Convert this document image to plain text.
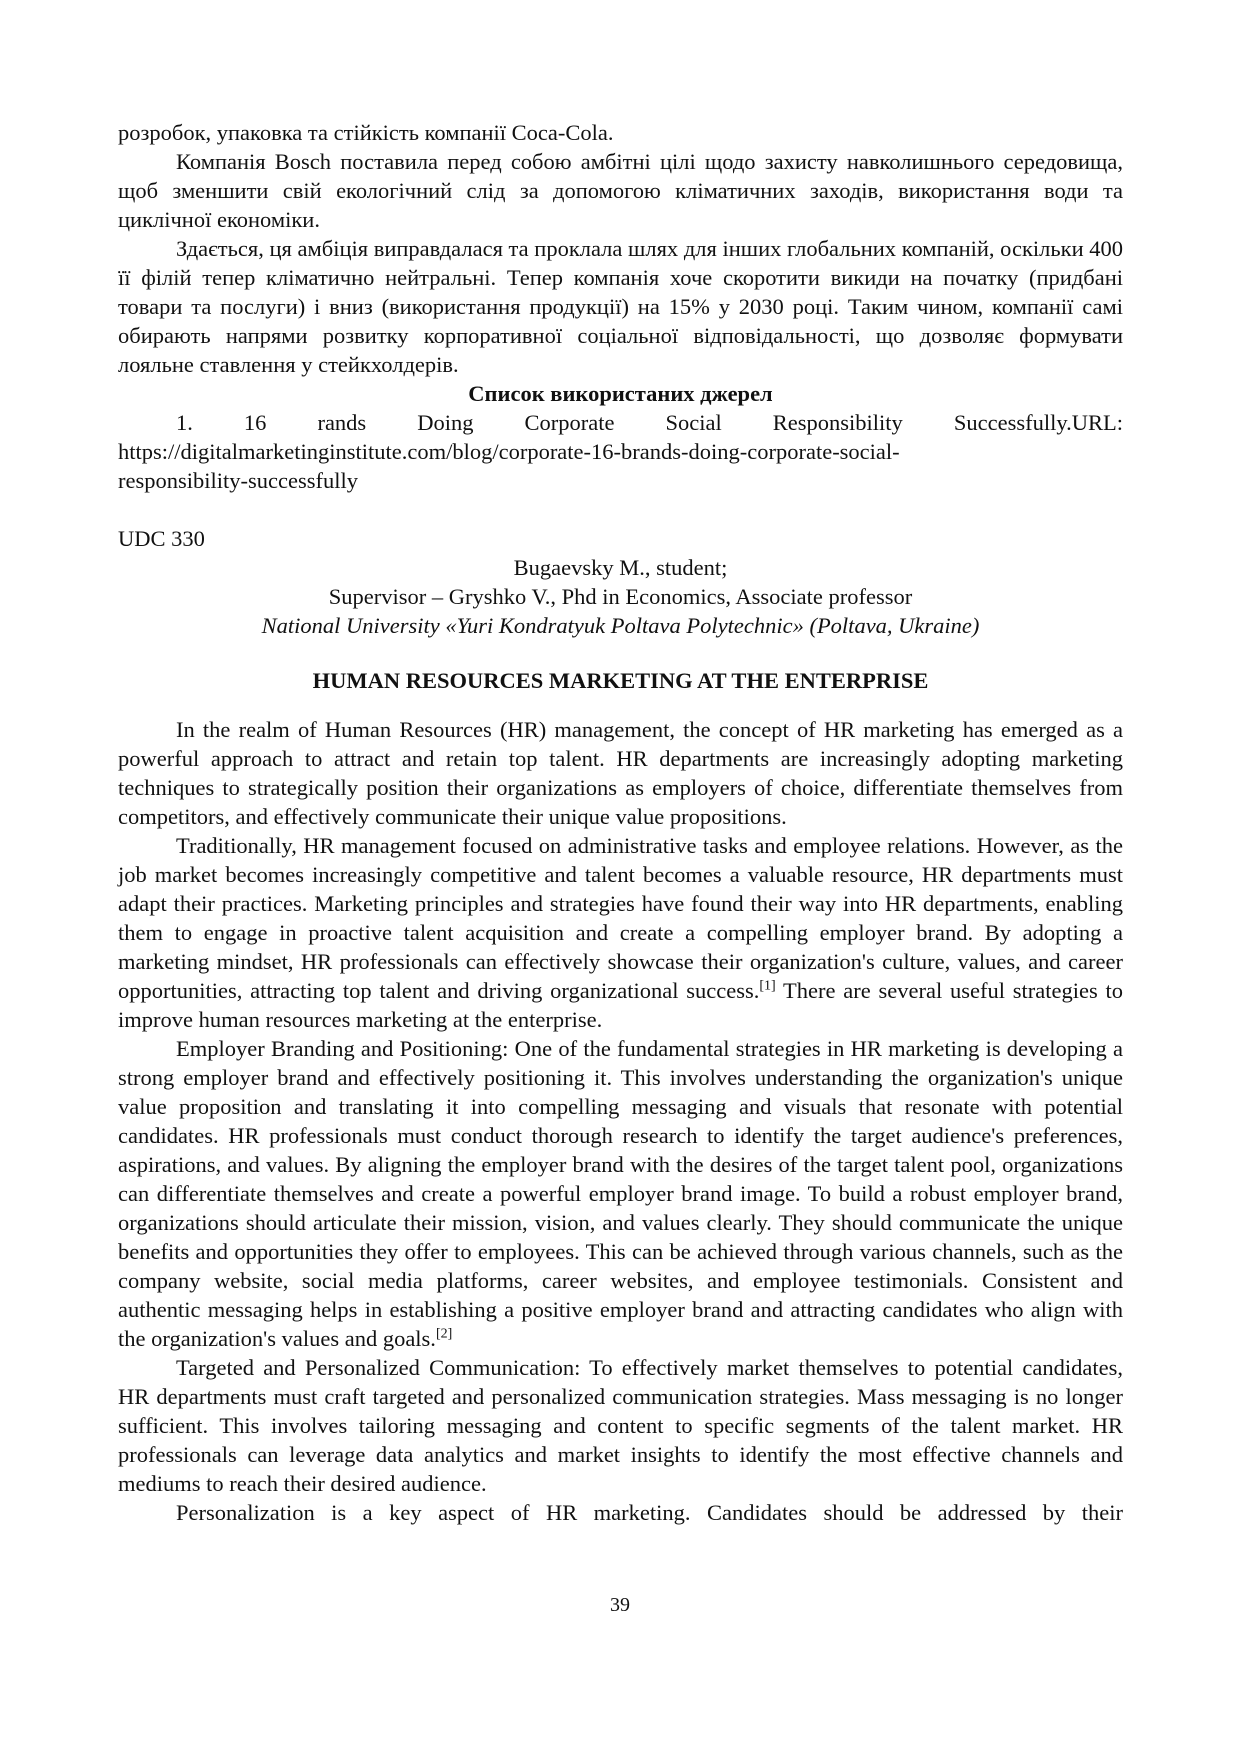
розробок, упаковка та стійкість компанії Coca-Cola.

Компанія Bosch поставила перед собою амбітні цілі щодо захисту навколишнього середовища, щоб зменшити свій екологічний слід за допомогою кліматичних заходів, використання води та циклічної економіки.

Здається, ця амбіція виправдалася та проклала шлях для інших глобальних компаній, оскільки 400 її філій тепер кліматично нейтральні. Тепер компанія хоче скоротити викиди на початку (придбані товари та послуги) і вниз (використання продукції) на 15% у 2030 році. Таким чином, компанії самі обирають напрями розвитку корпоративної соціальної відповідальності, що дозволяє формувати лояльне ставлення у стейкхолдерів.

Список використаних джерел

1. 16 rands Doing Corporate Social Responsibility Successfully.URL:

https://digitalmarketinginstitute.com/blog/corporate-16-brands-doing-corporate-social-

responsibility-successfully

UDC 330

Bugaevsky M., student;

Supervisor – Gryshko V., Phd in Economics, Associate professor

National University «Yuri Kondratyuk Poltava Polytechnic» (Poltava, Ukraine)

HUMAN RESOURCES MARKETING AT THE ENTERPRISE

In the realm of Human Resources (HR) management, the concept of HR marketing has emerged as a powerful approach to attract and retain top talent. HR departments are increasingly adopting marketing techniques to strategically position their organizations as employers of choice, differentiate themselves from competitors, and effectively communicate their unique value propositions.

Traditionally, HR management focused on administrative tasks and employee relations. However, as the job market becomes increasingly competitive and talent becomes a valuable resource, HR departments must adapt their practices. Marketing principles and strategies have found their way into HR departments, enabling them to engage in proactive talent acquisition and create a compelling employer brand. By adopting a marketing mindset, HR professionals can effectively showcase their organization's culture, values, and career opportunities, attracting top talent and driving organizational success.[1] There are several useful strategies to improve human resources marketing at the enterprise.

Employer Branding and Positioning: One of the fundamental strategies in HR marketing is developing a strong employer brand and effectively positioning it. This involves understanding the organization's unique value proposition and translating it into compelling messaging and visuals that resonate with potential candidates. HR professionals must conduct thorough research to identify the target audience's preferences, aspirations, and values. By aligning the employer brand with the desires of the target talent pool, organizations can differentiate themselves and create a powerful employer brand image. To build a robust employer brand, organizations should articulate their mission, vision, and values clearly. They should communicate the unique benefits and opportunities they offer to employees. This can be achieved through various channels, such as the company website, social media platforms, career websites, and employee testimonials. Consistent and authentic messaging helps in establishing a positive employer brand and attracting candidates who align with the organization's values and goals.[2]

Targeted and Personalized Communication: To effectively market themselves to potential candidates, HR departments must craft targeted and personalized communication strategies. Mass messaging is no longer sufficient. This involves tailoring messaging and content to specific segments of the talent market. HR professionals can leverage data analytics and market insights to identify the most effective channels and mediums to reach their desired audience.

Personalization is a key aspect of HR marketing. Candidates should be addressed by their

39
